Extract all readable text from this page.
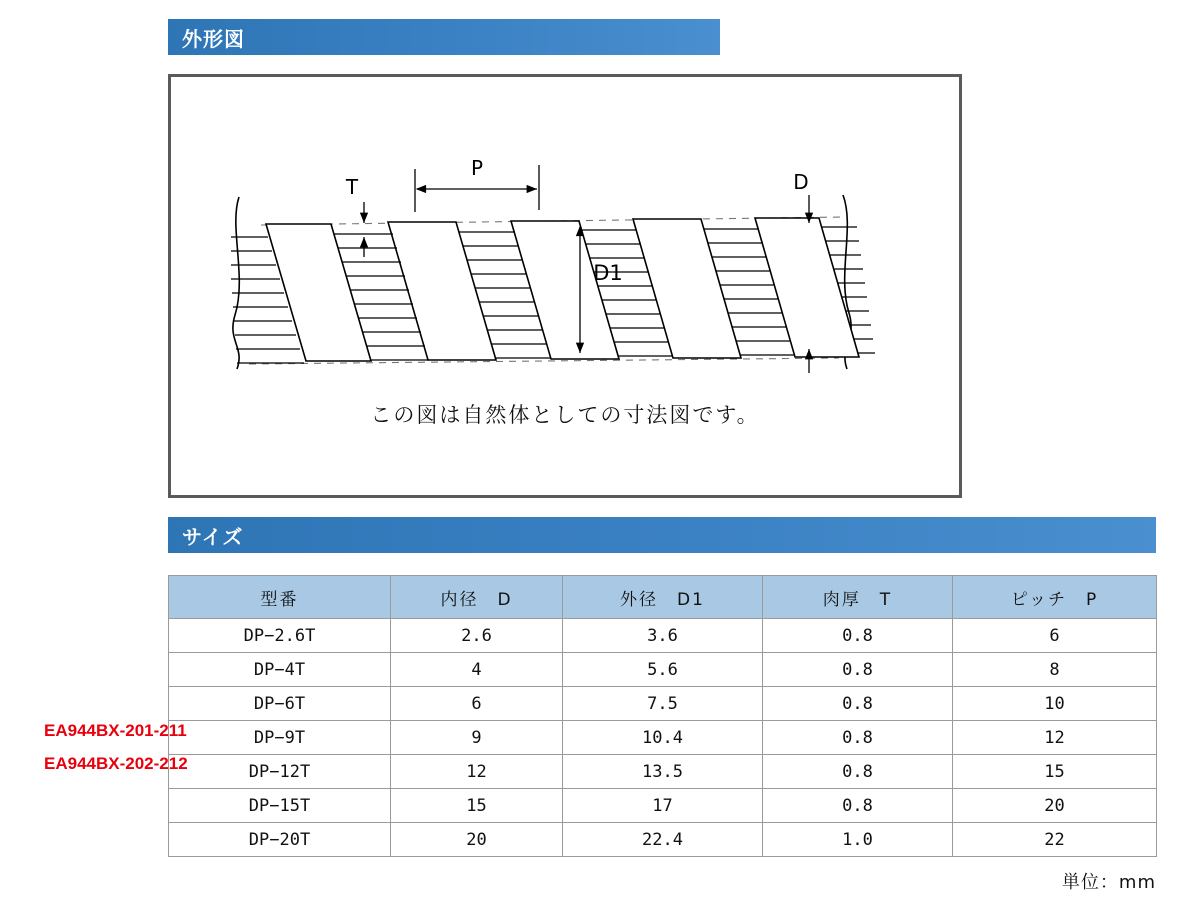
外形図
T
P
D1
D
この図は自然体としての寸法図です。
サイズ
型番	内径　D	外径　D1	肉厚　T	ピッチ　P
DP−2.6T	2.6	3.6	0.8	6
DP−4T	4	5.6	0.8	8
DP−6T	6	7.5	0.8	10
DP−9T	9	10.4	0.8	12
DP−12T	12	13.5	0.8	15
DP−15T	15	17	0.8	20
DP−20T	20	22.4	1.0	22
EA944BX-201-211
EA944BX-202-212
単位：mm
